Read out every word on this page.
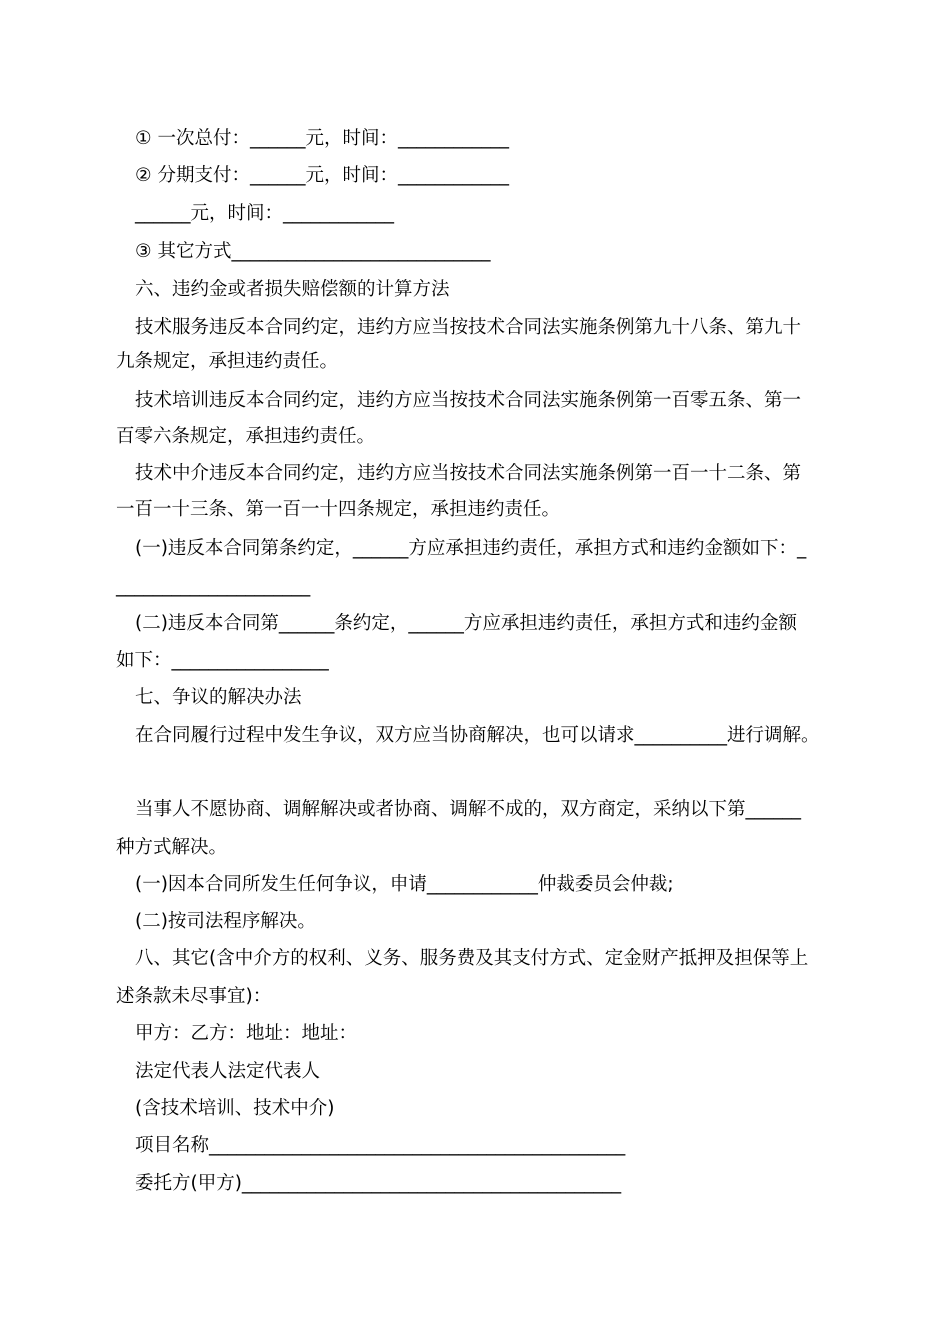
① 一次总付：______元，时间：____________
② 分期支付：______元，时间：____________
______元，时间：____________
③ 其它方式____________________________
六、违约金或者损失赔偿额的计算方法
技术服务违反本合同约定，违约方应当按技术合同法实施条例第九十八条、第九十
九条规定，承担违约责任。
技术培训违反本合同约定，违约方应当按技术合同法实施条例第一百零五条、第一
百零六条规定，承担违约责任。
技术中介违反本合同约定，违约方应当按技术合同法实施条例第一百一十二条、第
一百一十三条、第一百一十四条规定，承担违约责任。
(一)违反本合同第条约定，______方应承担违约责任，承担方式和违约金额如下：_
_____________________
(二)违反本合同第______条约定，______方应承担违约责任，承担方式和违约金额
如下：_________________
七、争议的解决办法
在合同履行过程中发生争议，双方应当协商解决，也可以请求__________进行调解。
当事人不愿协商、调解解决或者协商、调解不成的，双方商定，采纳以下第______
种方式解决。
(一)因本合同所发生任何争议，申请____________仲裁委员会仲裁;
(二)按司法程序解决。
八、其它(含中介方的权利、义务、服务费及其支付方式、定金财产抵押及担保等上
述条款未尽事宜)：
甲方：乙方：地址：地址：
法定代表人法定代表人
(含技术培训、技术中介)
项目名称_____________________________________________
委托方(甲方)_________________________________________
